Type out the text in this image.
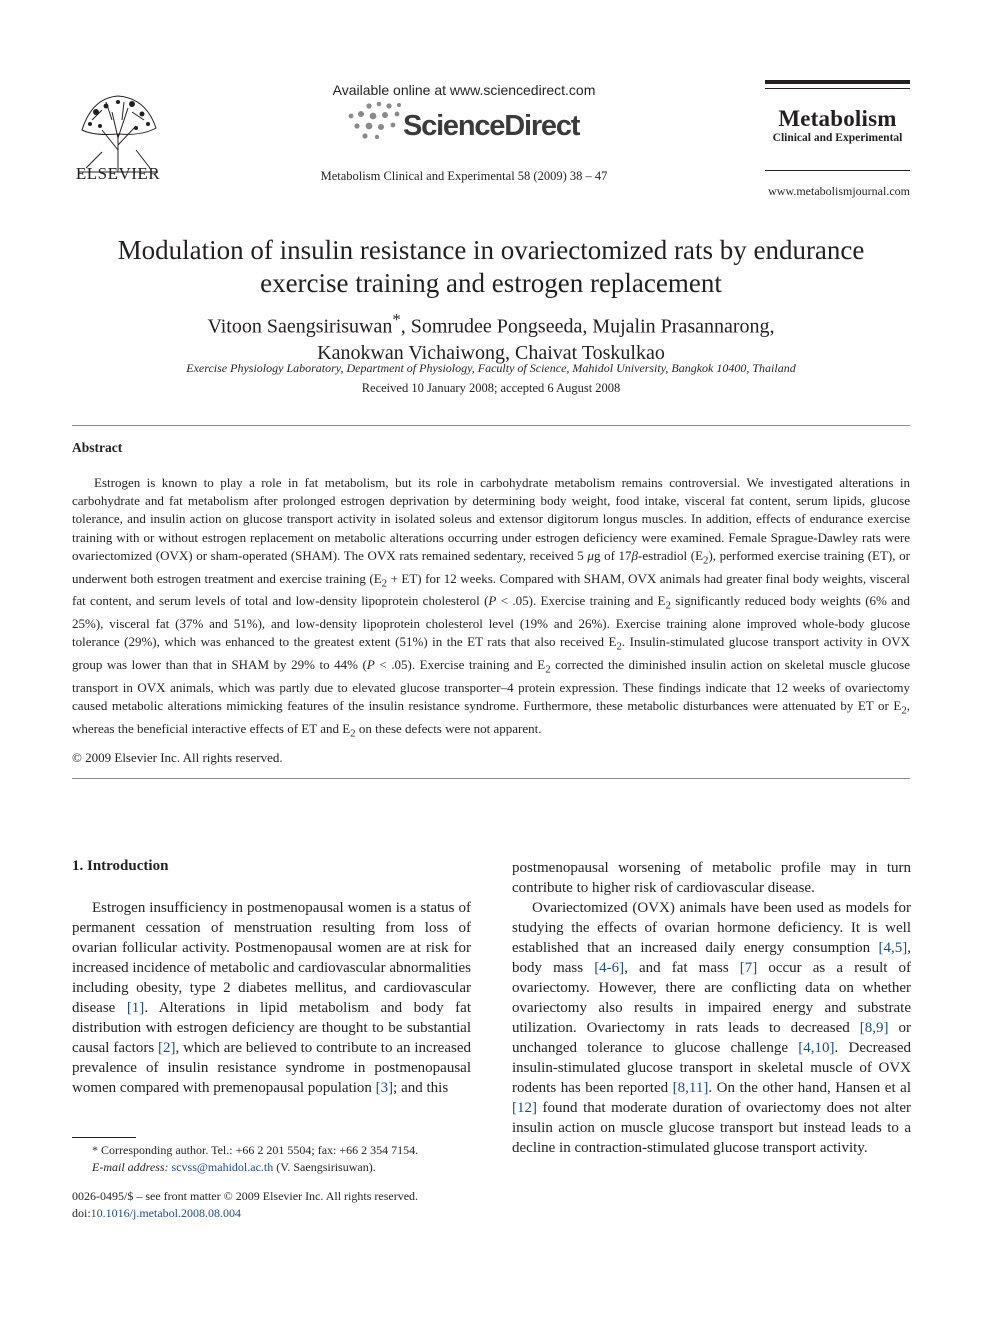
ELSEVIER
Available online at www.sciencedirect.com
ScienceDirect
Metabolism Clinical and Experimental 58 (2009) 38 – 47
Metabolism
Clinical and Experimental
www.metabolismjournal.com
Modulation of insulin resistance in ovariectomized rats by endurance
exercise training and estrogen replacement
Vitoon Saengsirisuwan*, Somrudee Pongseeda, Mujalin Prasannarong,
Kanokwan Vichaiwong, Chaivat Toskulkao
Exercise Physiology Laboratory, Department of Physiology, Faculty of Science, Mahidol University, Bangkok 10400, Thailand
Received 10 January 2008; accepted 6 August 2008
Abstract

Estrogen is known to play a role in fat metabolism, but its role in carbohydrate metabolism remains controversial. We investigated alterations in carbohydrate and fat metabolism after prolonged estrogen deprivation by determining body weight, food intake, visceral fat content, serum lipids, glucose tolerance, and insulin action on glucose transport activity in isolated soleus and extensor digitorum longus muscles. In addition, effects of endurance exercise training with or without estrogen replacement on metabolic alterations occurring under estrogen deficiency were examined. Female Sprague-Dawley rats were ovariectomized (OVX) or sham-operated (SHAM). The OVX rats remained sedentary, received 5 μg of 17β-estradiol $(E_2)$, performed exercise training (ET), or underwent both estrogen treatment and exercise training $(E_2 + ET)$ for 12 weeks. Compared with SHAM, OVX animals had greater final body weights, visceral fat content, and serum levels of total and low-density lipoprotein cholesterol (P < .05). Exercise training and $E_2$ significantly reduced body weights (6% and 25%), visceral fat (37% and 51%), and low-density lipoprotein cholesterol level (19% and 26%). Exercise training alone improved whole-body glucose tolerance (29%), which was enhanced to the greatest extent (51%) in the ET rats that also received $E_2$. Insulin-stimulated glucose transport activity in OVX group was lower than that in SHAM by 29% to 44% (P < .05). Exercise training and $E_2$ corrected the diminished insulin action on skeletal muscle glucose transport in OVX animals, which was partly due to elevated glucose transporter–4 protein expression. These findings indicate that 12 weeks of ovariectomy caused metabolic alterations mimicking features of the insulin resistance syndrome. Furthermore, these metabolic disturbances were attenuated by ET or $E_2$, whereas the beneficial interactive effects of ET and $E_2$ on these defects were not apparent.

© 2009 Elsevier Inc. All rights reserved.
1. Introduction

Estrogen insufficiency in postmenopausal women is a status of permanent cessation of menstruation resulting from loss of ovarian follicular activity. Postmenopausal women are at risk for increased incidence of metabolic and cardiovascular abnormalities including obesity, type 2 diabetes mellitus, and cardiovascular disease [1]. Alterations in lipid metabolism and body fat distribution with estrogen deficiency are thought to be substantial causal factors [2], which are believed to contribute to an increased prevalence of insulin resistance syndrome in postmenopausal women compared with premenopausal population [3]; and this

postmenopausal worsening of metabolic profile may in turn contribute to higher risk of cardiovascular disease.

Ovariectomized (OVX) animals have been used as models for studying the effects of ovarian hormone deficiency. It is well established that an increased daily energy consumption [4,5], body mass [4-6], and fat mass [7] occur as a result of ovariectomy. However, there are conflicting data on whether ovariectomy also results in impaired energy and substrate utilization. Ovariectomy in rats leads to decreased [8,9] or unchanged tolerance to glucose challenge [4,10]. Decreased insulin-stimulated glucose transport in skeletal muscle of OVX rodents has been reported [8,11]. On the other hand, Hansen et al [12] found that moderate duration of ovariectomy does not alter insulin action on muscle glucose transport but instead leads to a decline in contraction-stimulated glucose transport activity.

* Corresponding author. Tel.: +66 2 201 5504; fax: +66 2 354 7154.
E-mail address: scvss@mahidol.ac.th (V. Saengsirisuwan).
0026-0495/$ – see front matter © 2009 Elsevier Inc. All rights reserved.
doi:10.1016/j.metabol.2008.08.004
